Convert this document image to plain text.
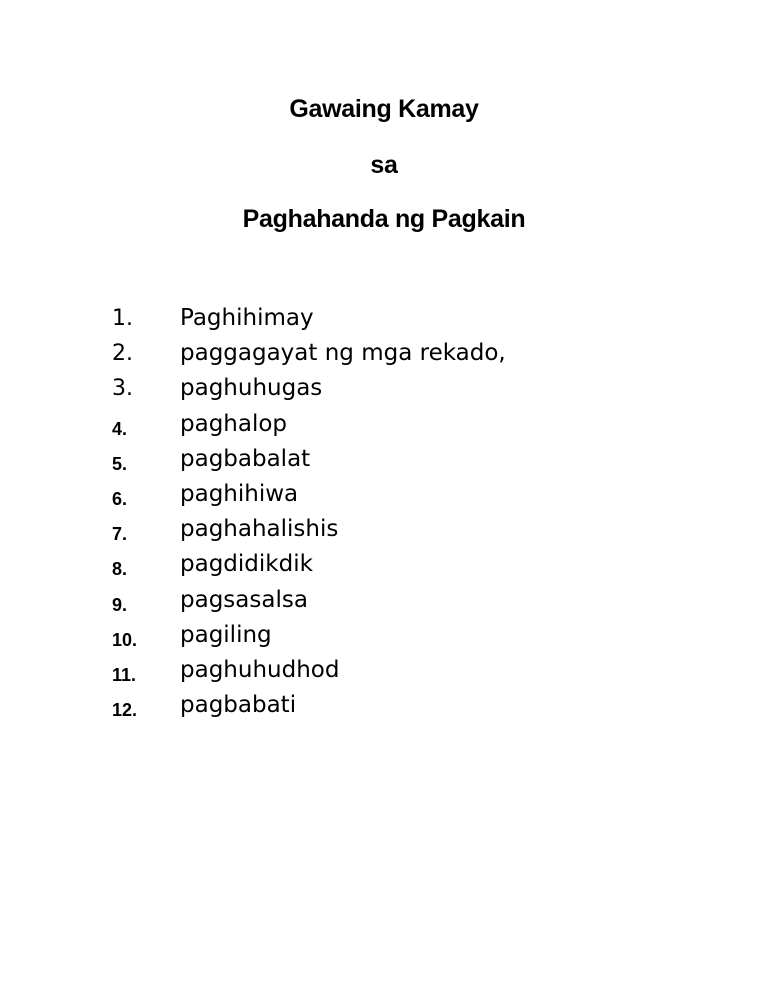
Gawaing Kamay
sa
Paghahanda ng Pagkain
1. Paghihimay
2. paggagayat ng mga rekado,
3. paghuhugas
4. paghalop
5. pagbabalat
6. paghihiwa
7. paghahalishis
8. pagdidikdik
9. pagsasalsa
10. pagiling
11. paghuhudhod
12. pagbabati
